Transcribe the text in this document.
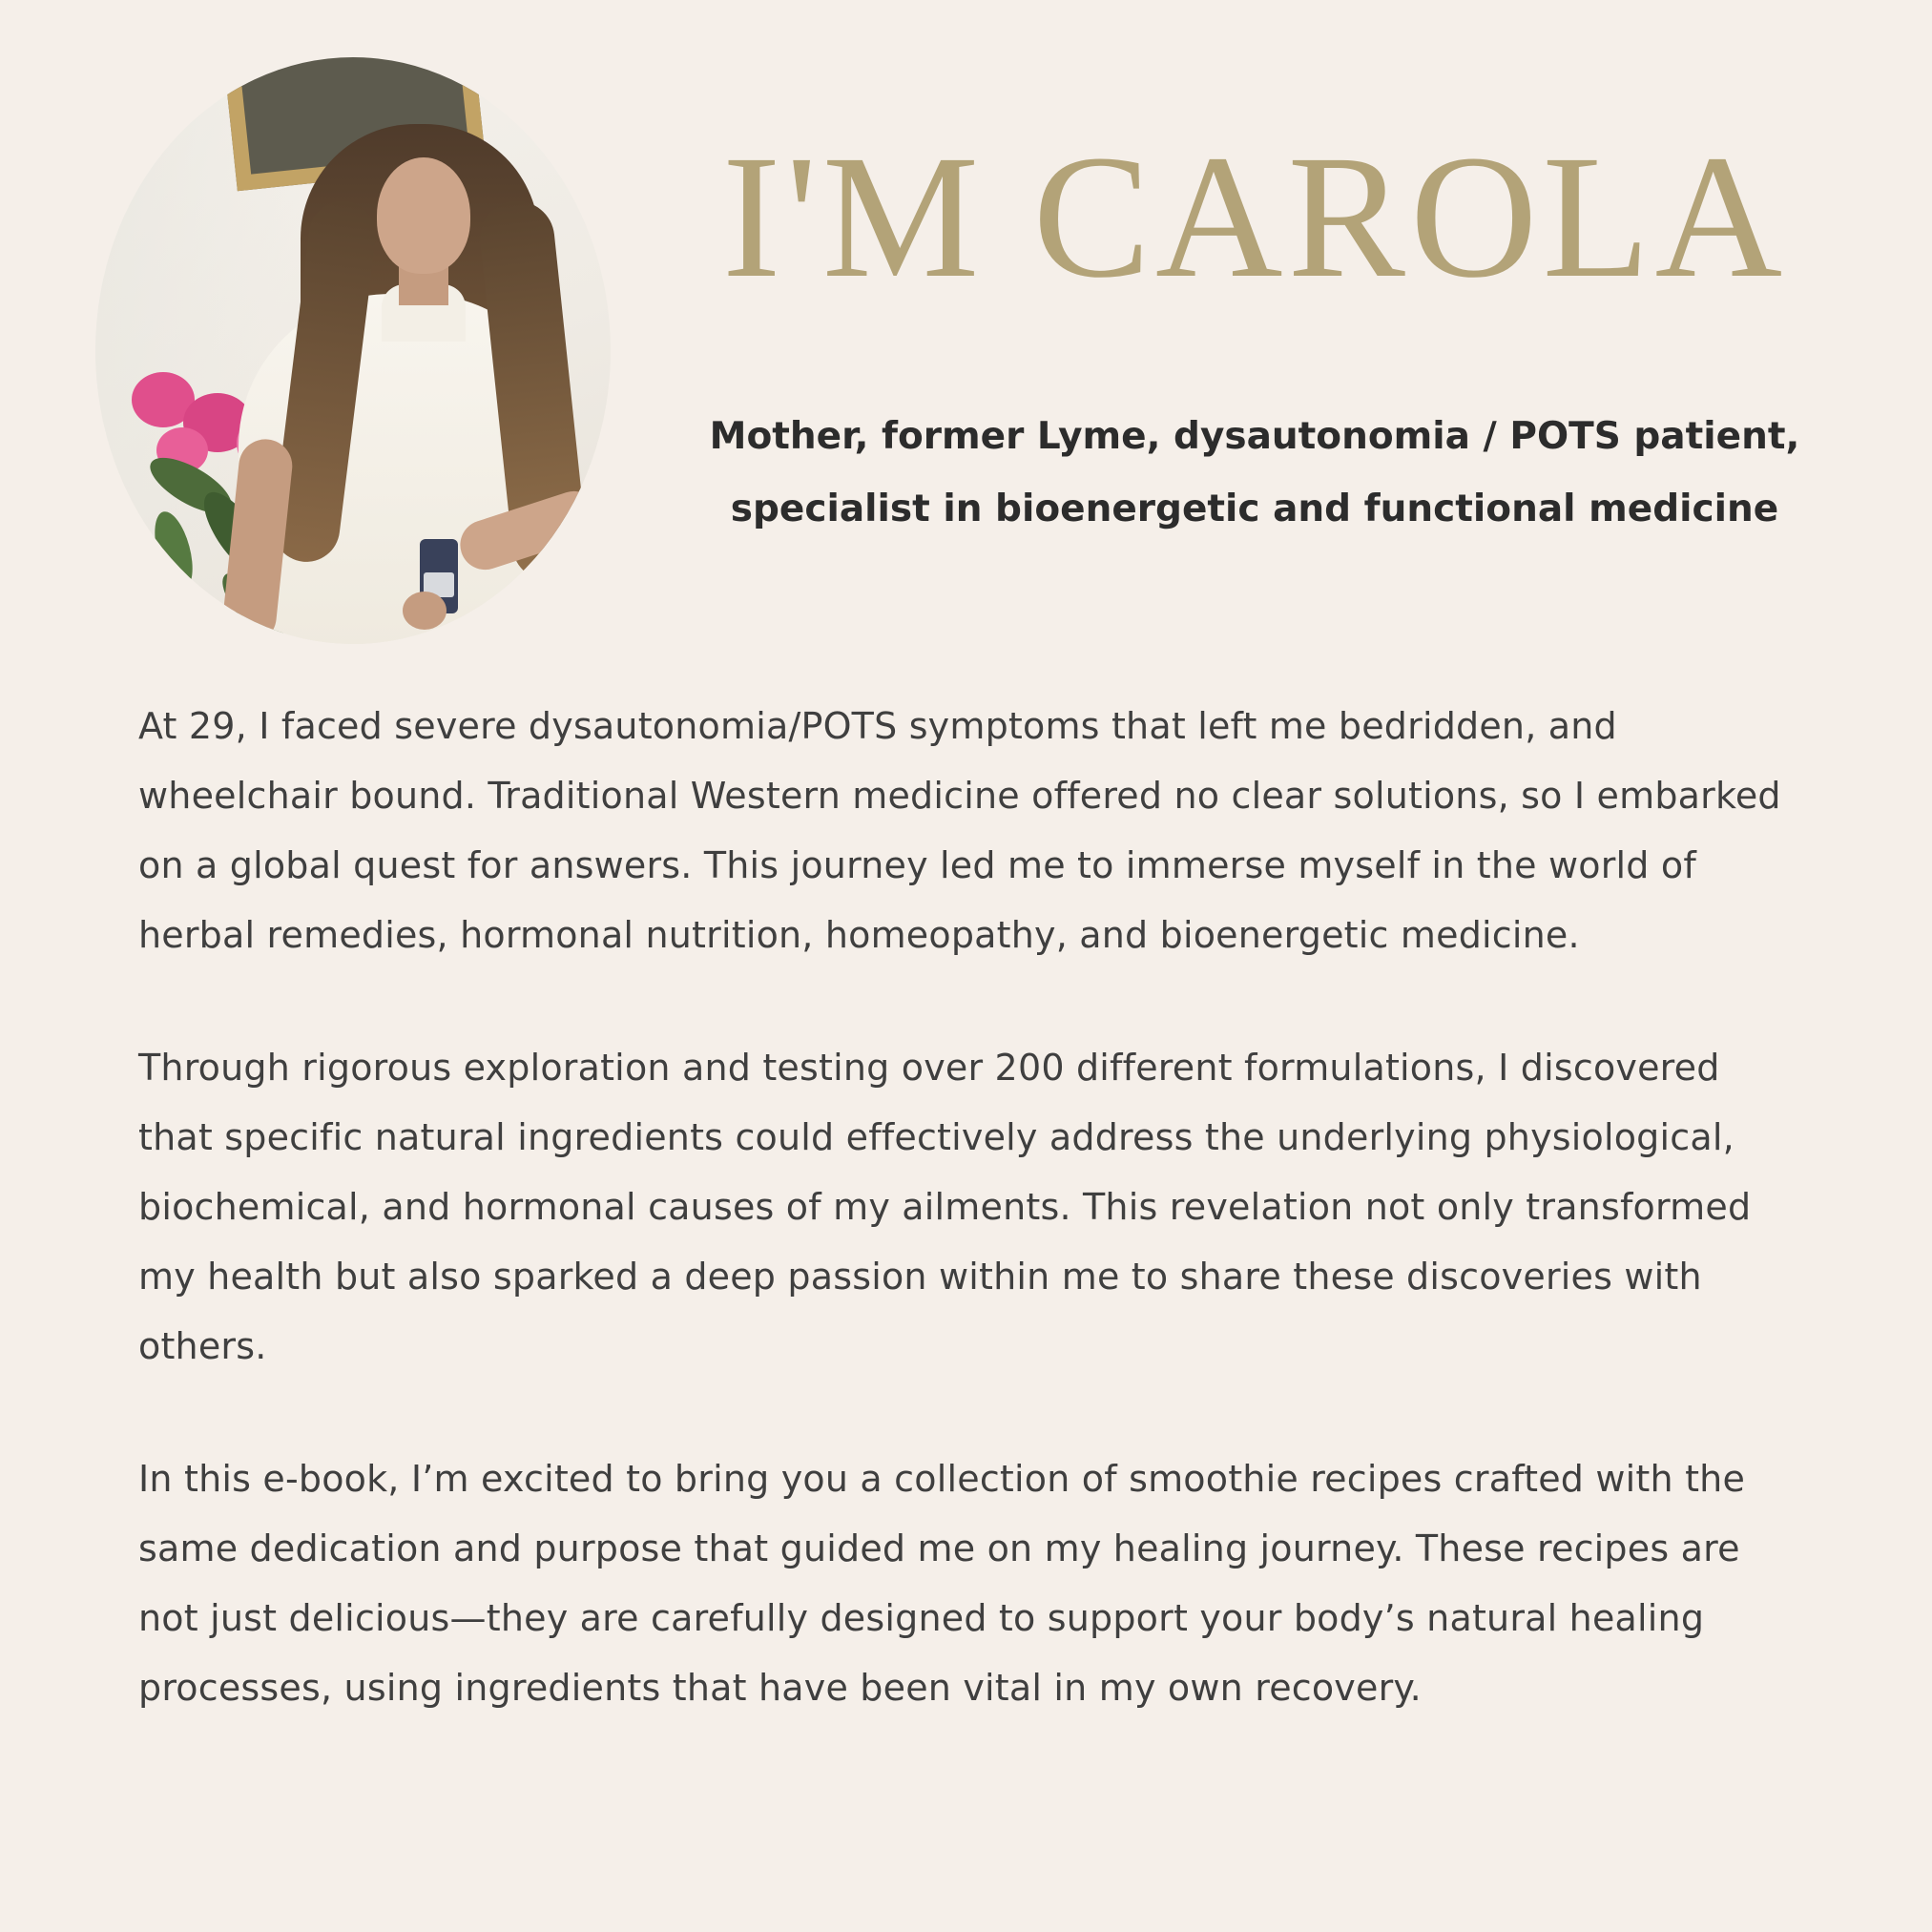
I'M CAROLA

Mother, former Lyme, dysautonomia / POTS patient,
specialist in bioenergetic and functional medicine

At 29, I faced severe dysautonomia/POTS symptoms that left me bedridden, and wheelchair bound. Traditional Western medicine offered no clear solutions, so I embarked on a global quest for answers. This journey led me to immerse myself in the world of herbal remedies, hormonal nutrition, homeopathy, and bioenergetic medicine.

Through rigorous exploration and testing over 200 different formulations, I discovered that specific natural ingredients could effectively address the underlying physiological, biochemical, and hormonal causes of my ailments. This revelation not only transformed my health but also sparked a deep passion within me to share these discoveries with others.

In this e-book, I’m excited to bring you a collection of smoothie recipes crafted with the same dedication and purpose that guided me on my healing journey. These recipes are not just delicious—they are carefully designed to support your body’s natural healing processes, using ingredients that have been vital in my own recovery.
